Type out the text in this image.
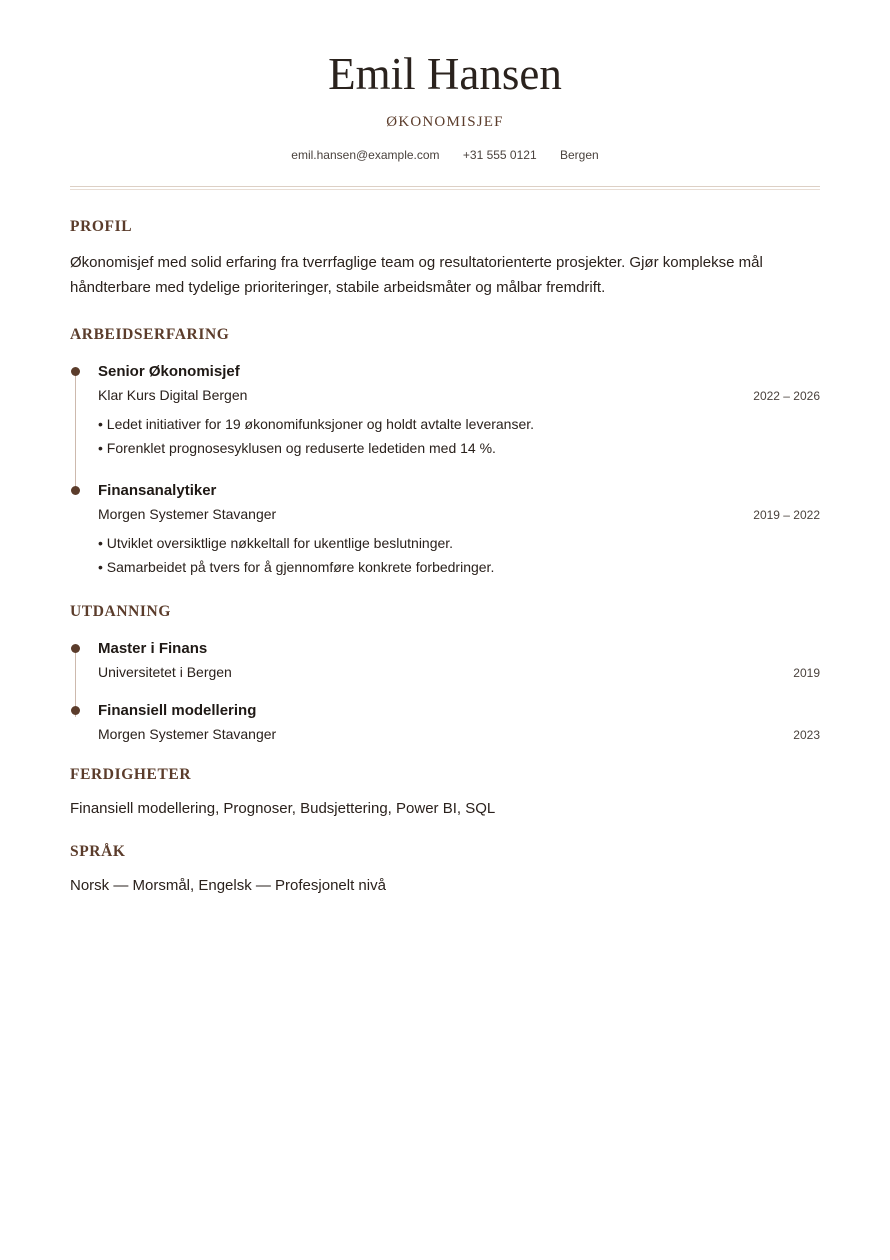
Emil Hansen
ØKONOMISJEF
emil.hansen@example.com +31 555 0121 Bergen
PROFIL
Økonomisjef med solid erfaring fra tverrfaglige team og resultatorienterte prosjekter. Gjør komplekse mål håndterbare med tydelige prioriteringer, stabile arbeidsmåter og målbar fremdrift.
ARBEIDSERFARING
Senior Økonomisjef
Klar Kurs Digital Bergen	2022 – 2026
• Ledet initiativer for 19 økonomifunksjoner og holdt avtalte leveranser.
• Forenklet prognosesyklusen og reduserte ledetiden med 14 %.
Finansanalytiker
Morgen Systemer Stavanger	2019 – 2022
• Utviklet oversiktlige nøkkeltall for ukentlige beslutninger.
• Samarbeidet på tvers for å gjennomføre konkrete forbedringer.
UTDANNING
Master i Finans
Universitetet i Bergen	2019
Finansiell modellering
Morgen Systemer Stavanger	2023
FERDIGHETER
Finansiell modellering, Prognoser, Budsjettering, Power BI, SQL
SPRÅK
Norsk — Morsmål, Engelsk — Profesjonelt nivå
